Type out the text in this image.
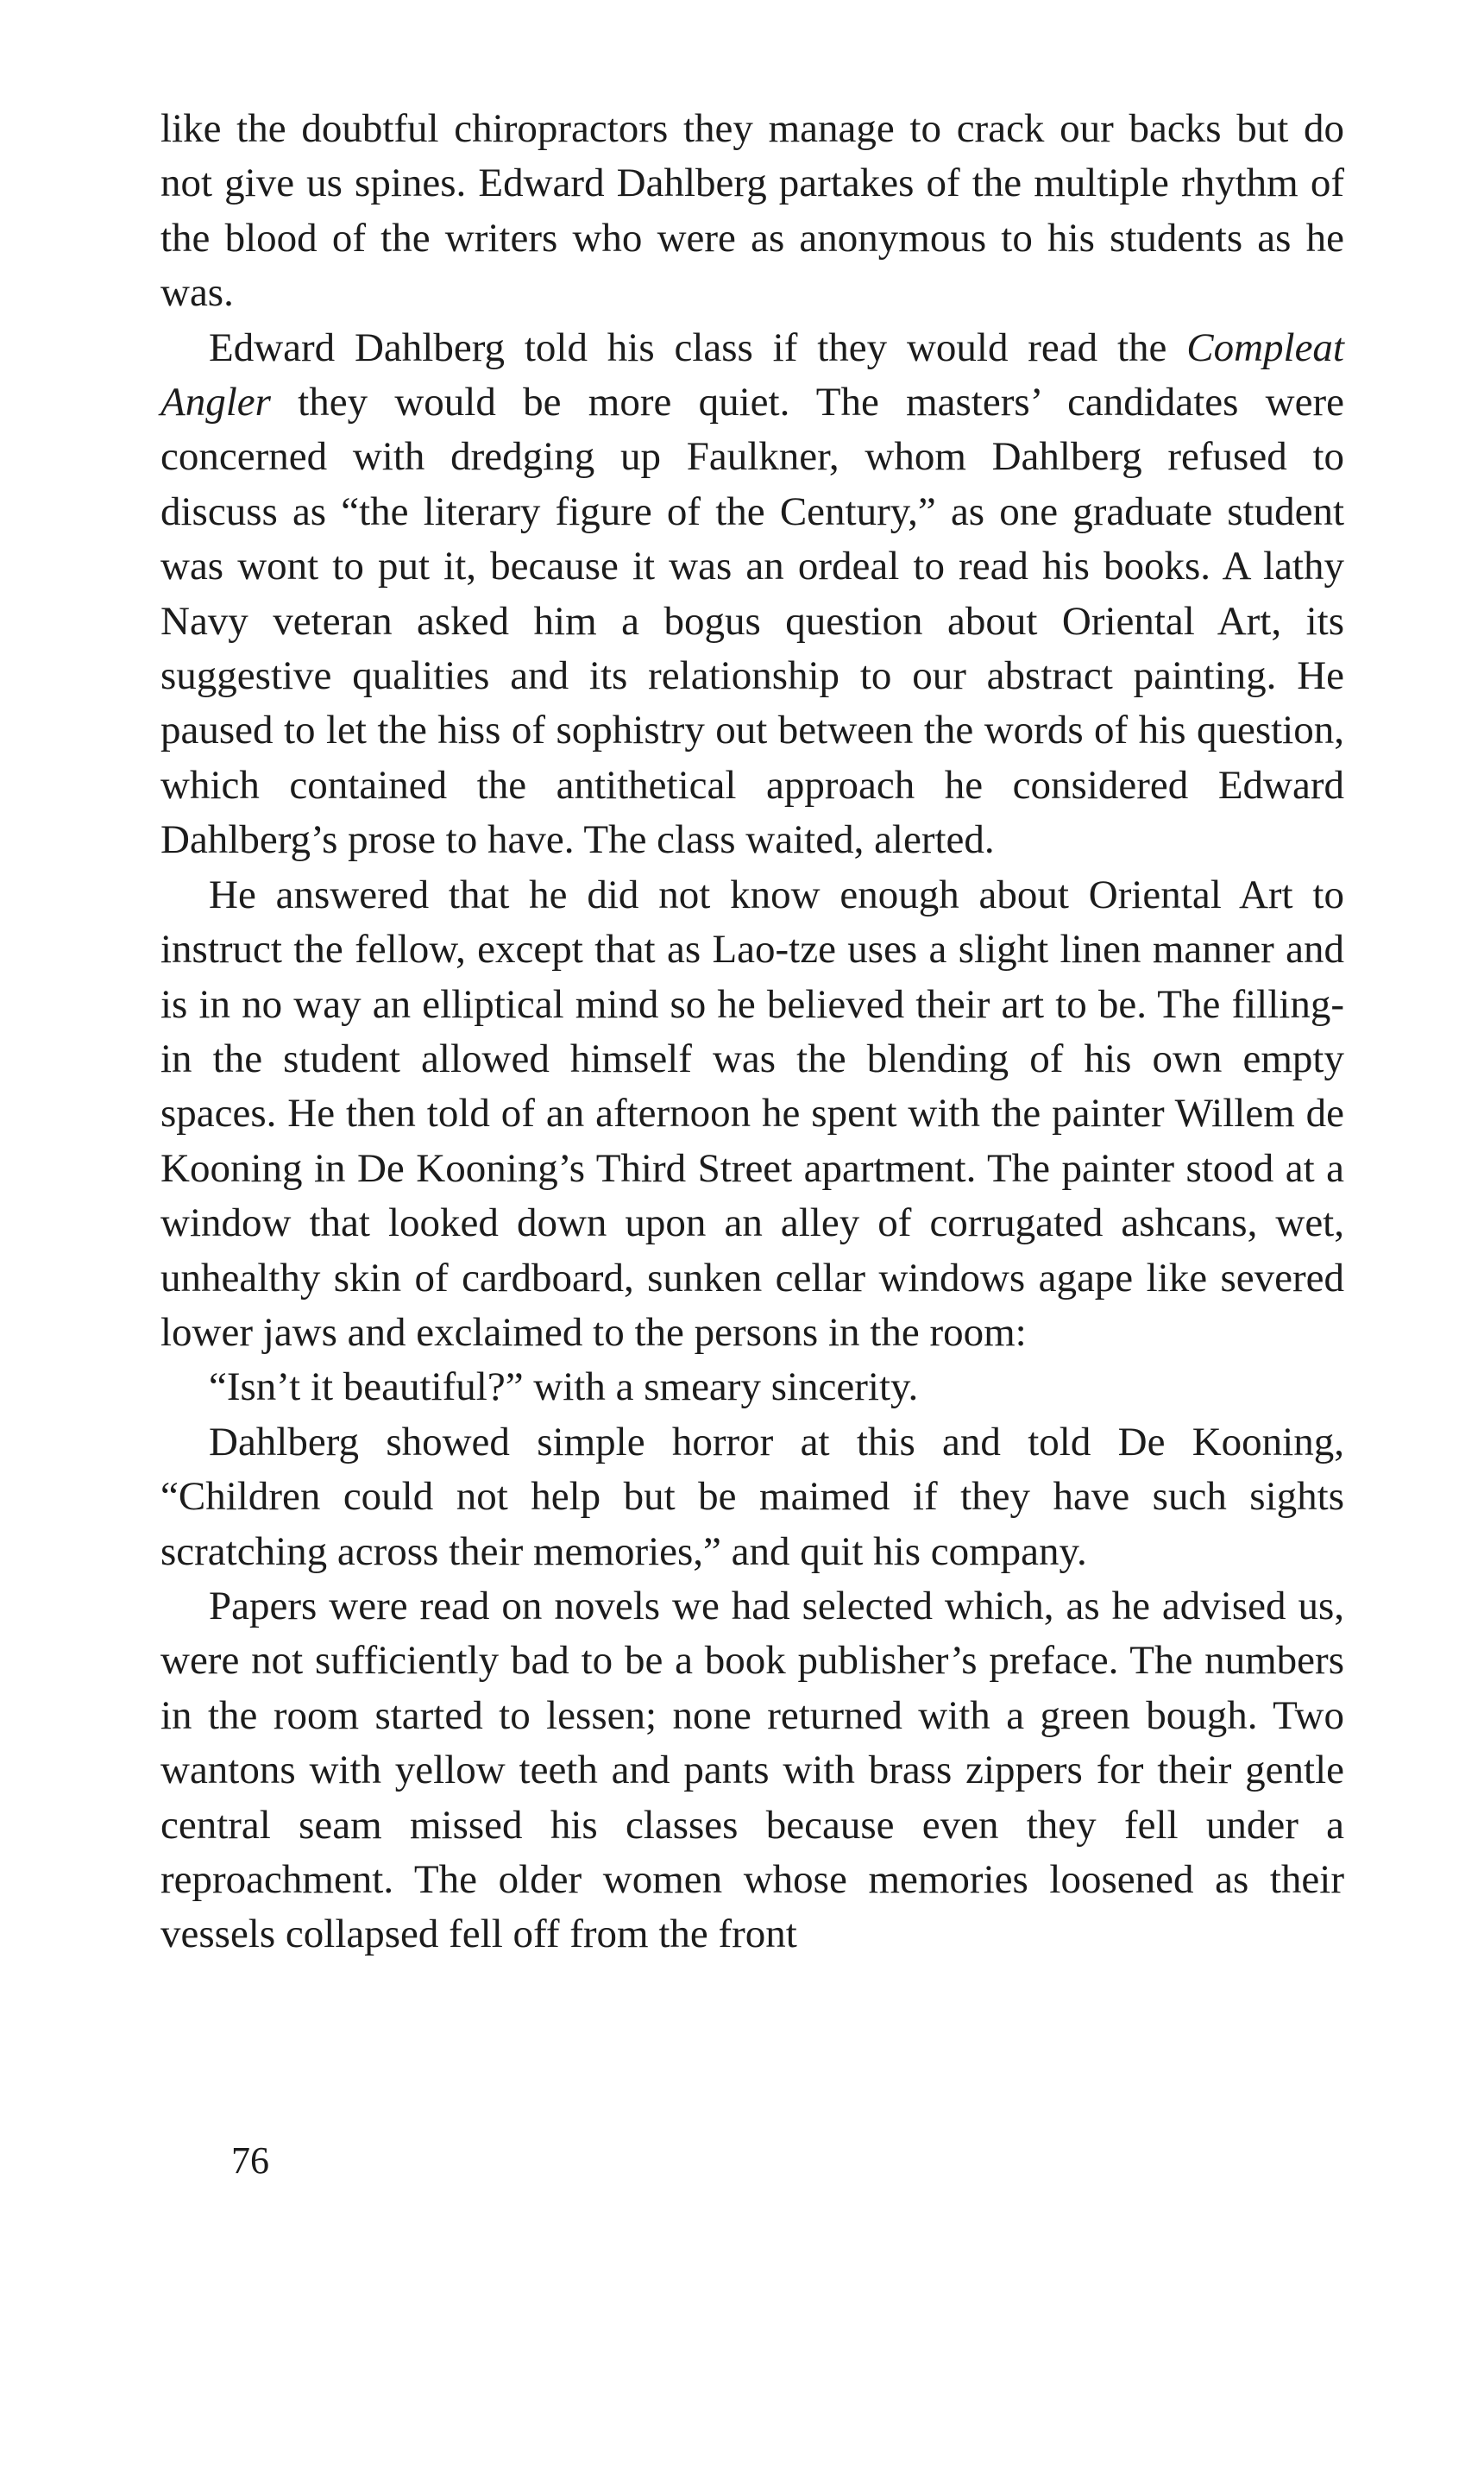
like the doubtful chiropractors they manage to crack our backs but do not give us spines. Edward Dahlberg partakes of the multiple rhythm of the blood of the writers who were as anonymous to his students as he was.

Edward Dahlberg told his class if they would read the Compleat Angler they would be more quiet. The masters’ candidates were concerned with dredging up Faulkner, whom Dahlberg refused to discuss as “the literary figure of the Century,” as one graduate student was wont to put it, because it was an ordeal to read his books. A lathy Navy veteran asked him a bogus question about Oriental Art, its suggestive qualities and its relationship to our abstract painting. He paused to let the hiss of sophistry out between the words of his question, which contained the antithetical approach he considered Edward Dahlberg’s prose to have. The class waited, alerted.

He answered that he did not know enough about Oriental Art to instruct the fellow, except that as Lao-tze uses a slight linen manner and is in no way an elliptical mind so he believed their art to be. The filling-in the student allowed himself was the blending of his own empty spaces. He then told of an afternoon he spent with the painter Willem de Kooning in De Kooning’s Third Street apartment. The painter stood at a window that looked down upon an alley of corrugated ashcans, wet, unhealthy skin of cardboard, sunken cellar windows agape like severed lower jaws and exclaimed to the persons in the room:

“Isn’t it beautiful?” with a smeary sincerity.

Dahlberg showed simple horror at this and told De Kooning, “Children could not help but be maimed if they have such sights scratching across their memories,” and quit his company.

Papers were read on novels we had selected which, as he advised us, were not sufficiently bad to be a book publisher’s preface. The numbers in the room started to lessen; none returned with a green bough. Two wantons with yellow teeth and pants with brass zippers for their gentle central seam missed his classes because even they fell under a reproachment. The older women whose memories loosened as their vessels collapsed fell off from the front

76
